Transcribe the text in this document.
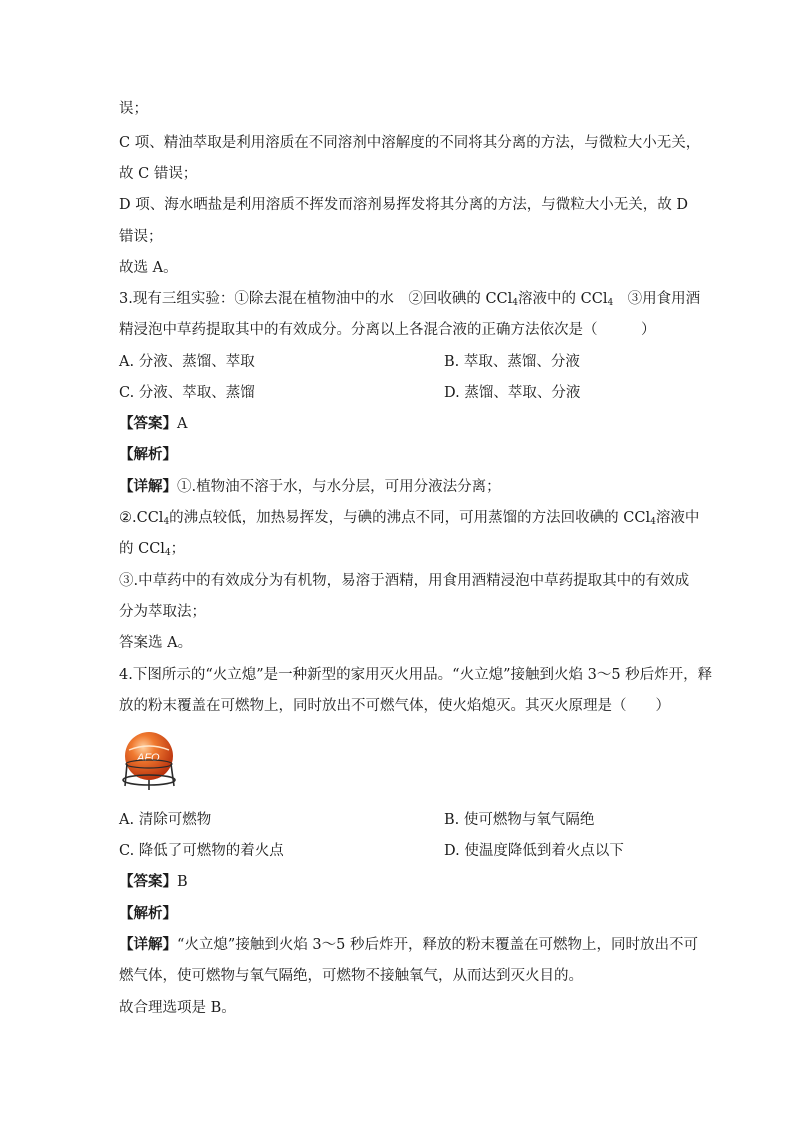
误；
C 项、精油萃取是利用溶质在不同溶剂中溶解度的不同将其分离的方法，与微粒大小无关，
故 C 错误；
D 项、海水晒盐是利用溶质不挥发而溶剂易挥发将其分离的方法，与微粒大小无关，故 D
错误；
故选 A。
3.现有三组实验：①除去混在植物油中的水　②回收碘的 CCl$_4$溶液中的 CCl$_4$　③用食用酒
精浸泡中草药提取其中的有效成分。分离以上各混合液的正确方法依次是（　　　）
A. 分液、蒸馏、萃取	B. 萃取、蒸馏、分液
C. 分液、萃取、蒸馏	D. 蒸馏、萃取、分液
【答案】A
【解析】
【详解】①.植物油不溶于水，与水分层，可用分液法分离；
②.CCl$_4$的沸点较低，加热易挥发，与碘的沸点不同，可用蒸馏的方法回收碘的 CCl$_4$溶液中
的 CCl$_4$；
③.中草药中的有效成分为有机物，易溶于酒精，用食用酒精浸泡中草药提取其中的有效成
分为萃取法；
答案选 A。
4.下图所示的“火立熄”是一种新型的家用灭火用品。“火立熄”接触到火焰 3～5 秒后炸开，释
放的粉末覆盖在可燃物上，同时放出不可燃气体，使火焰熄灭。其灭火原理是（　　）
AFO
A. 清除可燃物	B. 使可燃物与氧气隔绝
C. 降低了可燃物的着火点	D. 使温度降低到着火点以下
【答案】B
【解析】
【详解】“火立熄”接触到火焰 3～5 秒后炸开，释放的粉末覆盖在可燃物上，同时放出不可
燃气体，使可燃物与氧气隔绝，可燃物不接触氧气，从而达到灭火目的。
故合理选项是 B。
